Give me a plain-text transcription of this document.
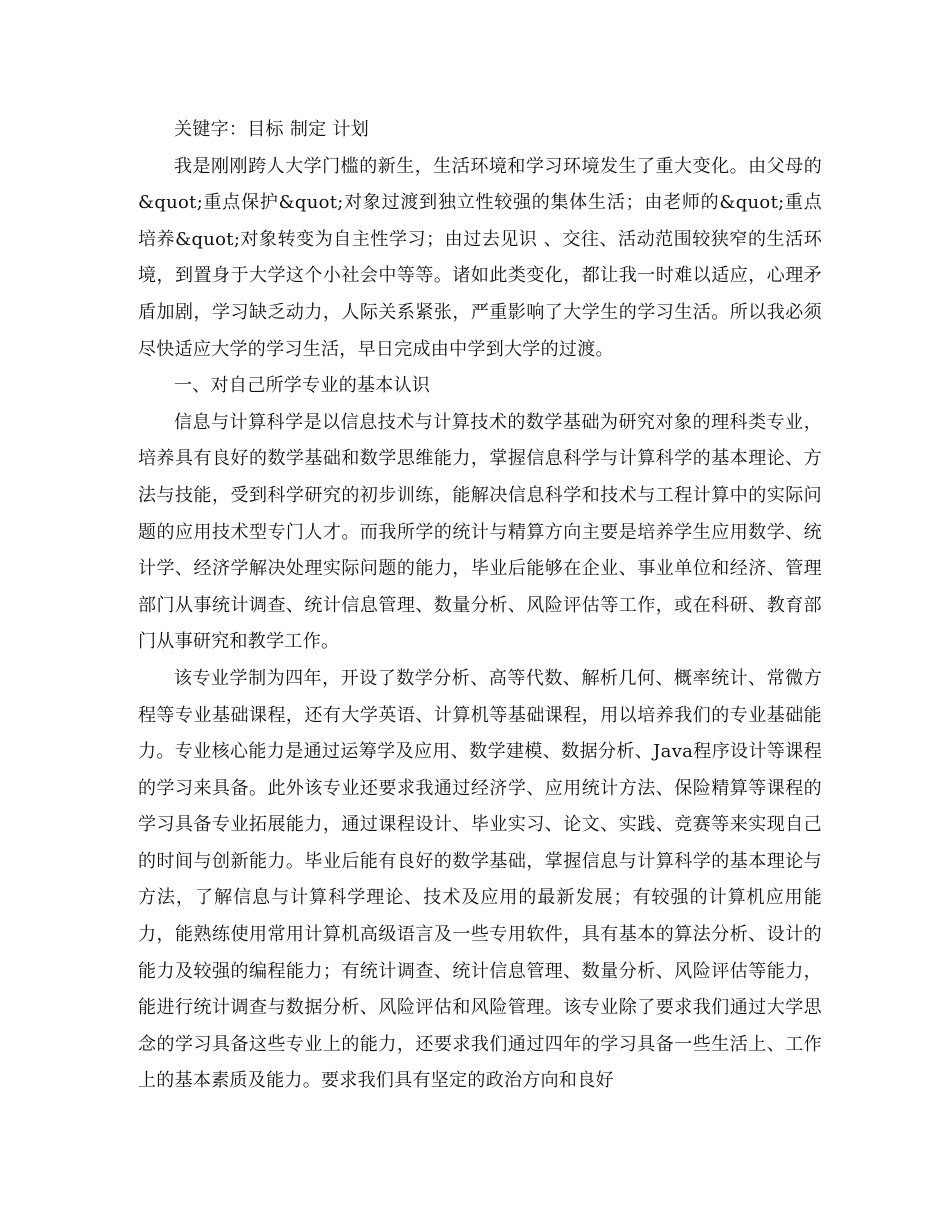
关键字：目标 制定 计划

我是刚刚跨人大学门槛的新生，生活环境和学习环境发生了重大变化。由父母的&quot;重点保护&quot;对象过渡到独立性较强的集体生活；由老师的&quot;重点培养&quot;对象转变为自主性学习；由过去见识 、交往、活动范围较狭窄的生活环境，到置身于大学这个小社会中等等。诸如此类变化，都让我一时难以适应，心理矛盾加剧，学习缺乏动力，人际关系紧张，严重影响了大学生的学习生活。所以我必须尽快适应大学的学习生活，早日完成由中学到大学的过渡。

一、对自己所学专业的基本认识

信息与计算科学是以信息技术与计算技术的数学基础为研究对象的理科类专业，培养具有良好的数学基础和数学思维能力，掌握信息科学与计算科学的基本理论、方法与技能，受到科学研究的初步训练，能解决信息科学和技术与工程计算中的实际问题的应用技术型专门人才。而我所学的统计与精算方向主要是培养学生应用数学、统计学、经济学解决处理实际问题的能力，毕业后能够在企业、事业单位和经济、管理部门从事统计调查、统计信息管理、数量分析、风险评估等工作，或在科研、教育部门从事研究和教学工作。

该专业学制为四年，开设了数学分析、高等代数、解析几何、概率统计、常微方程等专业基础课程，还有大学英语、计算机等基础课程，用以培养我们的专业基础能力。专业核心能力是通过运筹学及应用、数学建模、数据分析、Java程序设计等课程的学习来具备。此外该专业还要求我通过经济学、应用统计方法、保险精算等课程的学习具备专业拓展能力，通过课程设计、毕业实习、论文、实践、竞赛等来实现自己的时间与创新能力。毕业后能有良好的数学基础，掌握信息与计算科学的基本理论与方法，了解信息与计算科学理论、技术及应用的最新发展；有较强的计算机应用能力，能熟练使用常用计算机高级语言及一些专用软件，具有基本的算法分析、设计的能力及较强的编程能力；有统计调查、统计信息管理、数量分析、风险评估等能力，能进行统计调查与数据分析、风险评估和风险管理。该专业除了要求我们通过大学思念的学习具备这些专业上的能力，还要求我们通过四年的学习具备一些生活上、工作上的基本素质及能力。要求我们具有坚定的政治方向和良好
